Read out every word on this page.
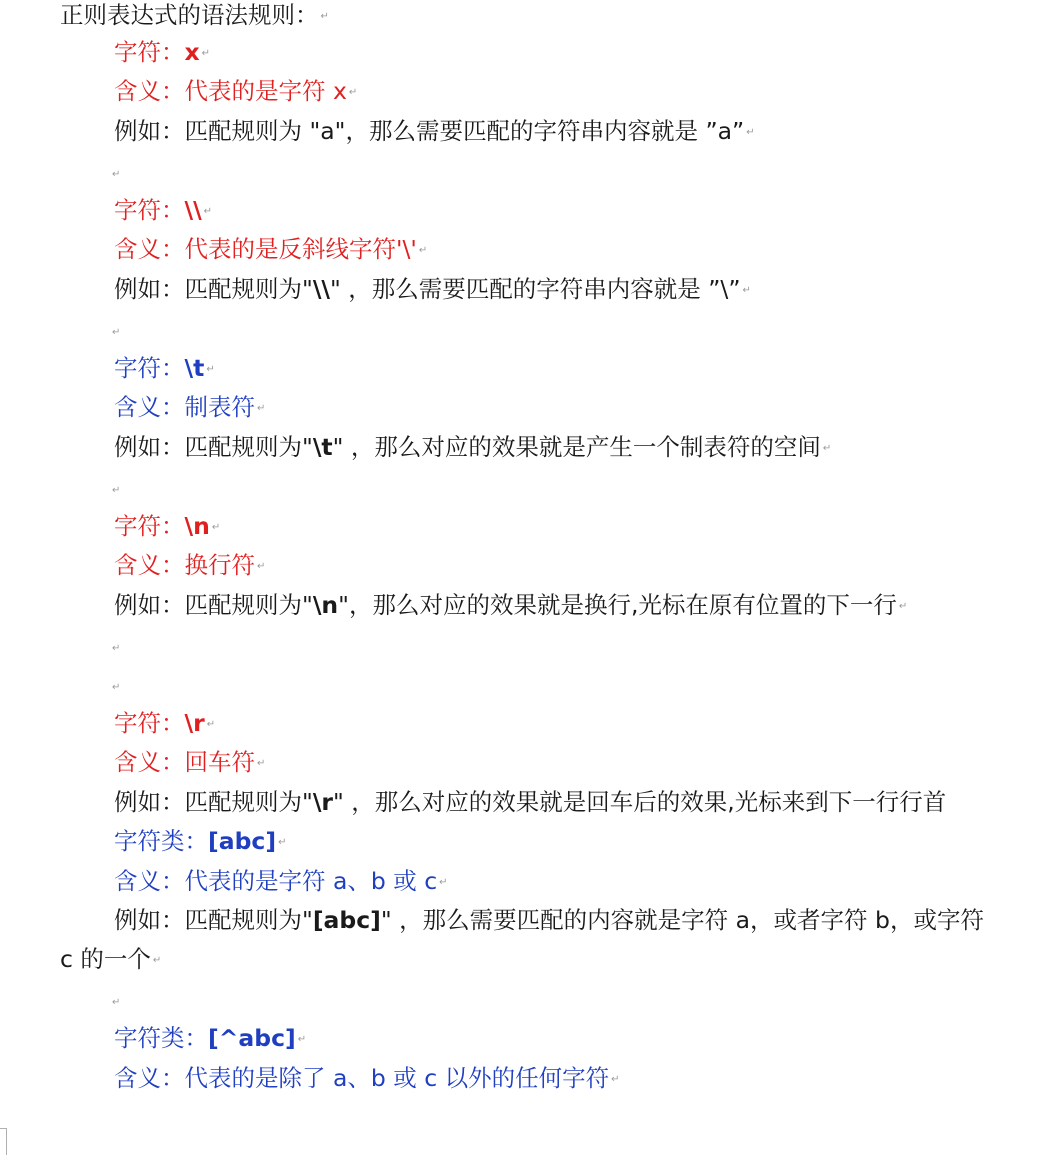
正则表达式的语法规则： ↵
字符：x ↵
含义：代表的是字符 x ↵
例如：匹配规则为 "a"，那么需要匹配的字符串内容就是 ”a” ↵
↵
字符：\\ ↵
含义：代表的是反斜线字符'\' ↵
例如：匹配规则为"\\" ，那么需要匹配的字符串内容就是 ”\” ↵
↵
字符：\t ↵
含义：制表符 ↵
例如：匹配规则为"\t" ，那么对应的效果就是产生一个制表符的空间 ↵
↵
字符：\n ↵
含义：换行符 ↵
例如：匹配规则为"\n"，那么对应的效果就是换行,光标在原有位置的下一行 ↵
↵
↵
字符：\r ↵
含义：回车符 ↵
例如：匹配规则为"\r" ，那么对应的效果就是回车后的效果,光标来到下一行行首
字符类：[abc] ↵
含义：代表的是字符 a、b 或 c ↵
例如：匹配规则为"[abc]" ，那么需要匹配的内容就是字符 a，或者字符 b，或字符
c 的一个 ↵
↵
字符类：[^abc] ↵
含义：代表的是除了 a、b 或 c 以外的任何字符 ↵
